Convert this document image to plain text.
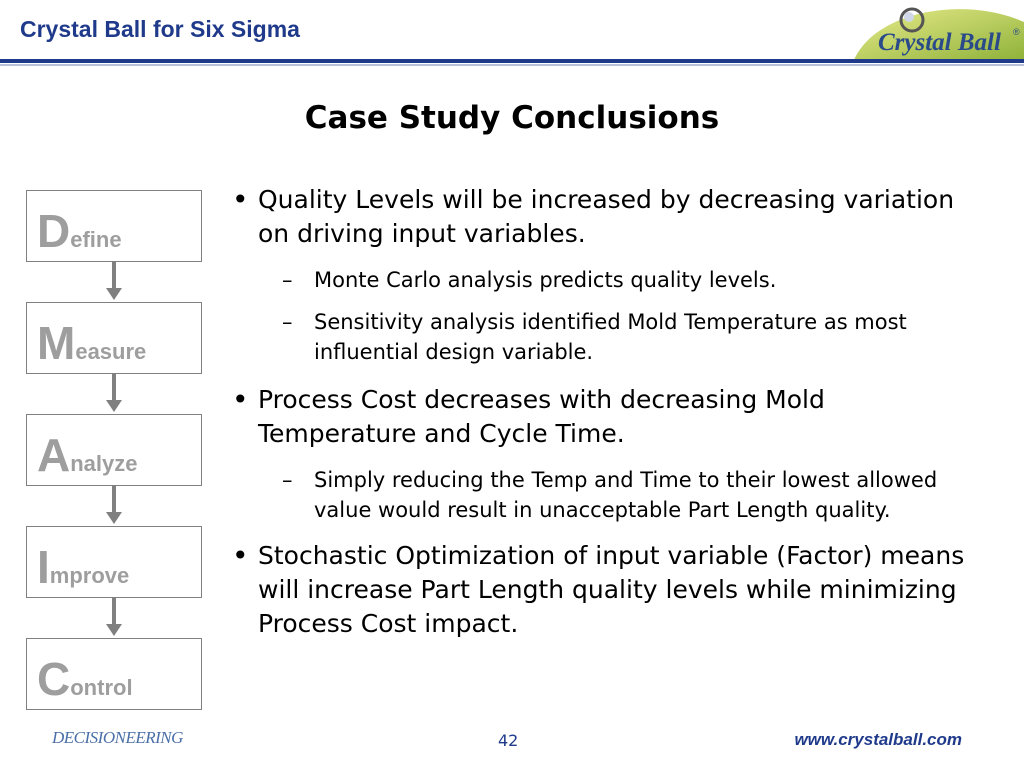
Crystal Ball for Six Sigma	Crystal Ball ®
Case Study Conclusions
D efine
M easure
A nalyze
I mprove
C ontrol
• Quality Levels will be increased by decreasing variation on driving input variables.
– Monte Carlo analysis predicts quality levels.
– Sensitivity analysis identified Mold Temperature as most influential design variable.
• Process Cost decreases with decreasing Mold Temperature and Cycle Time.
– Simply reducing the Temp and Time to their lowest allowed value would result in unacceptable Part Length quality.
• Stochastic Optimization of input variable (Factor) means will increase Part Length quality levels while minimizing Process Cost impact.
DECISIONEERING	42	www.crystalball.com
